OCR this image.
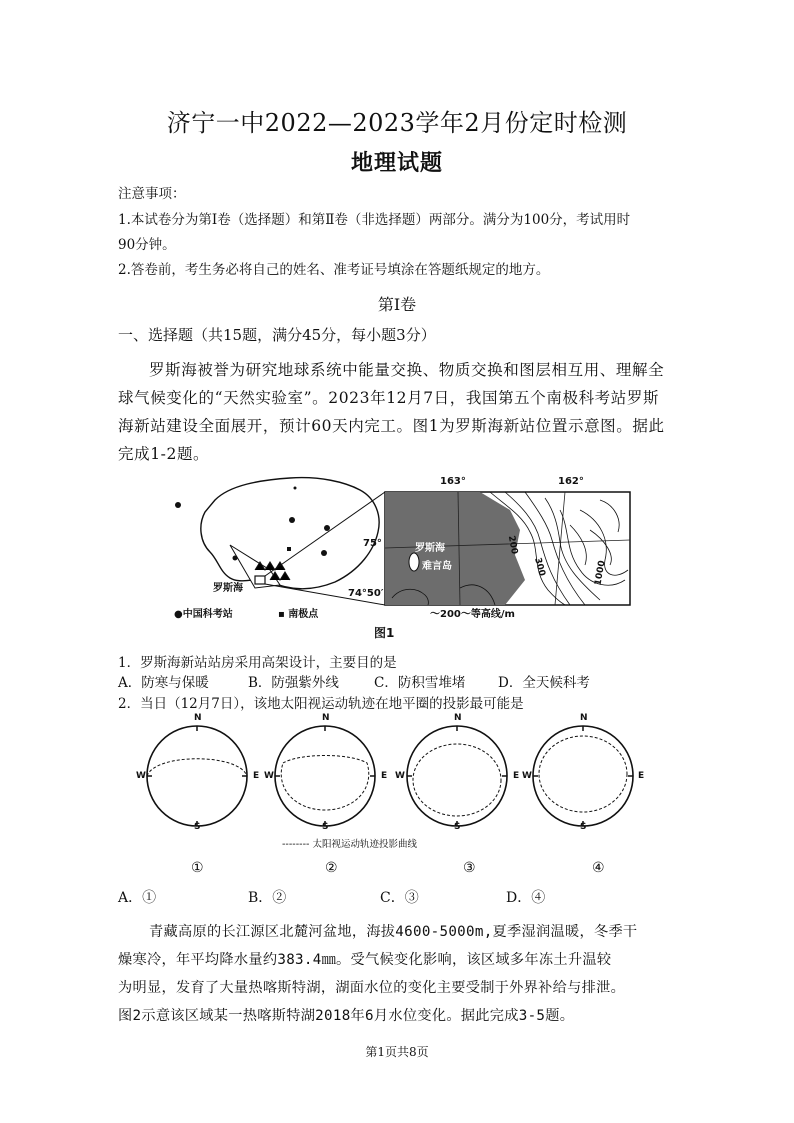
济宁一中2022—2023学年2月份定时检测
地理试题
注意事项：
1.本试卷分为第Ⅰ卷（选择题）和第Ⅱ卷（非选择题）两部分。满分为100分，考试用时
90分钟。
2.答卷前，考生务必将自己的姓名、准考证号填涂在答题纸规定的地方。
第Ⅰ卷
一、选择题（共15题，满分45分，每小题3分）
罗斯海被誉为研究地球系统中能量交换、物质交换和图层相互用、理解全
球气候变化的“天然实验室”。2023年12月7日，我国第五个南极科考站罗斯
海新站建设全面展开，预计60天内完工。图1为罗斯海新站位置示意图。据此
完成1-2题。
163°	162°
75°
74°50′
罗斯海
难言岛
200
300	1000
罗斯海
●中国科考站	▪ 南极点	〜200〜等高线/m
图1
1．罗斯海新站站房采用高架设计，主要目的是
A．防寒与保暖	B．防强紫外线	C．防积雪堆堵 D．全天候科考
2．当日（12月7日），该地太阳视运动轨迹在地平圈的投影最可能是
N
S
W	E
N
S
W	E
N
S
W	E
N
S
W	E
-------- 太阳视运动轨迹投影曲线
①	②	③	④
A．①	B．②	C．③	D．④
青藏高原的长江源区北麓河盆地，海拔4600-5000m,夏季湿润温暖，冬季干
燥寒冷，年平均降水量约383.4㎜。受气候变化影响，该区域多年冻土升温较
为明显，发育了大量热喀斯特湖，湖面水位的变化主要受制于外界补给与排泄。
图2示意该区域某一热喀斯特湖2018年6月水位变化。据此完成3-5题。
第1页共8页
